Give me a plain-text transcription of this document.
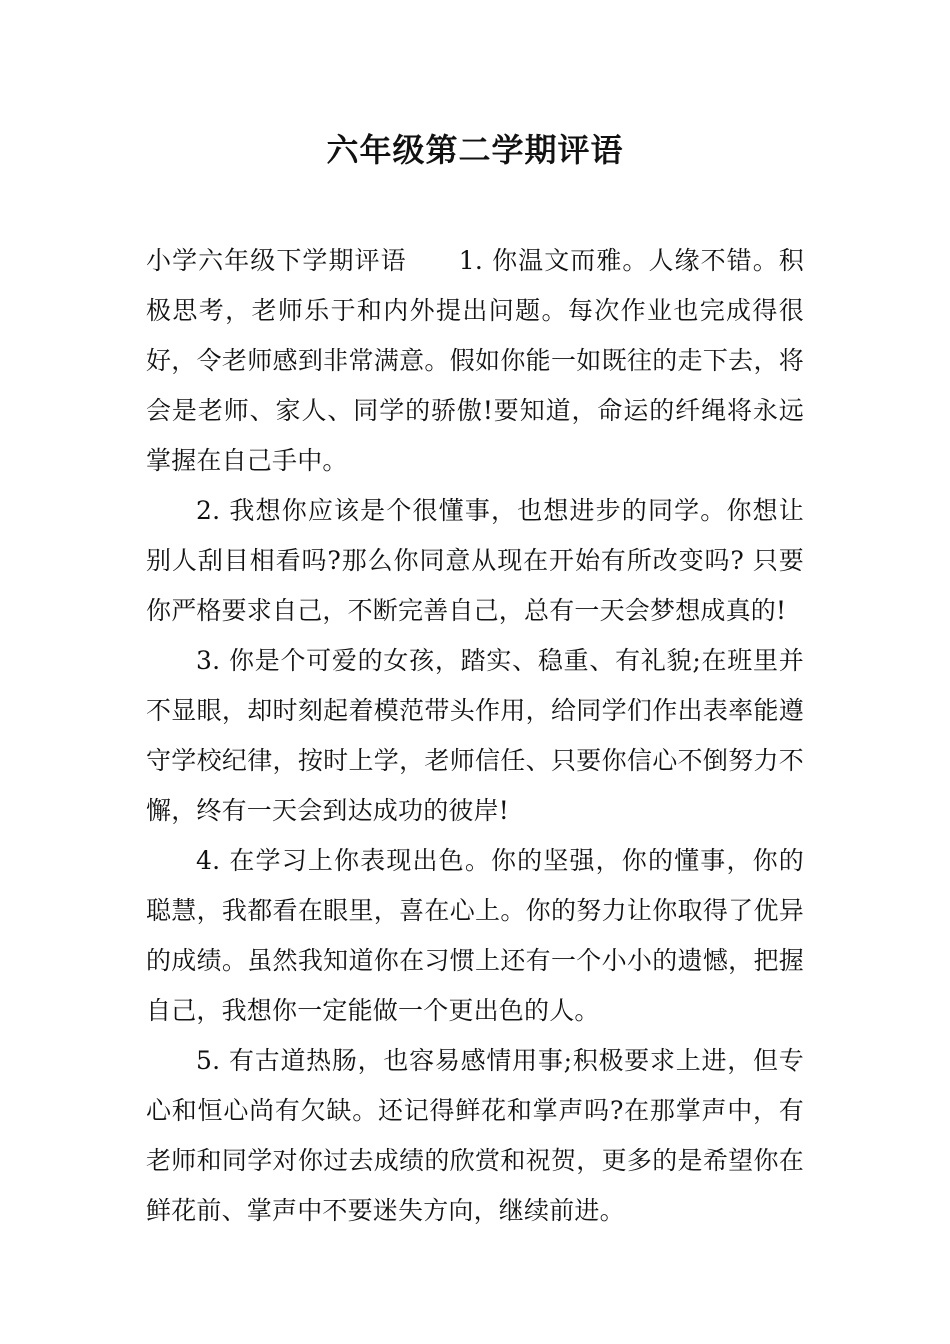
六年级第二学期评语

小学六年级下学期评语　　1. 你温文而雅。人缘不错。积极思考，老师乐于和内外提出问题。每次作业也完成得很好，令老师感到非常满意。假如你能一如既往的走下去，将会是老师、家人、同学的骄傲!要知道，命运的纤绳将永远掌握在自己手中。

2. 我想你应该是个很懂事，也想进步的同学。你想让别人刮目相看吗?那么你同意从现在开始有所改变吗? 只要你严格要求自己，不断完善自己，总有一天会梦想成真的!

3. 你是个可爱的女孩，踏实、稳重、有礼貌;在班里并不显眼，却时刻起着模范带头作用，给同学们作出表率能遵守学校纪律，按时上学，老师信任、只要你信心不倒努力不懈，终有一天会到达成功的彼岸!

4. 在学习上你表现出色。你的坚强，你的懂事，你的聪慧，我都看在眼里，喜在心上。你的努力让你取得了优异的成绩。虽然我知道你在习惯上还有一个小小的遗憾，把握自己，我想你一定能做一个更出色的人。

5. 有古道热肠，也容易感情用事;积极要求上进，但专心和恒心尚有欠缺。还记得鲜花和掌声吗?在那掌声中，有老师和同学对你过去成绩的欣赏和祝贺，更多的是希望你在鲜花前、掌声中不要迷失方向，继续前进。
